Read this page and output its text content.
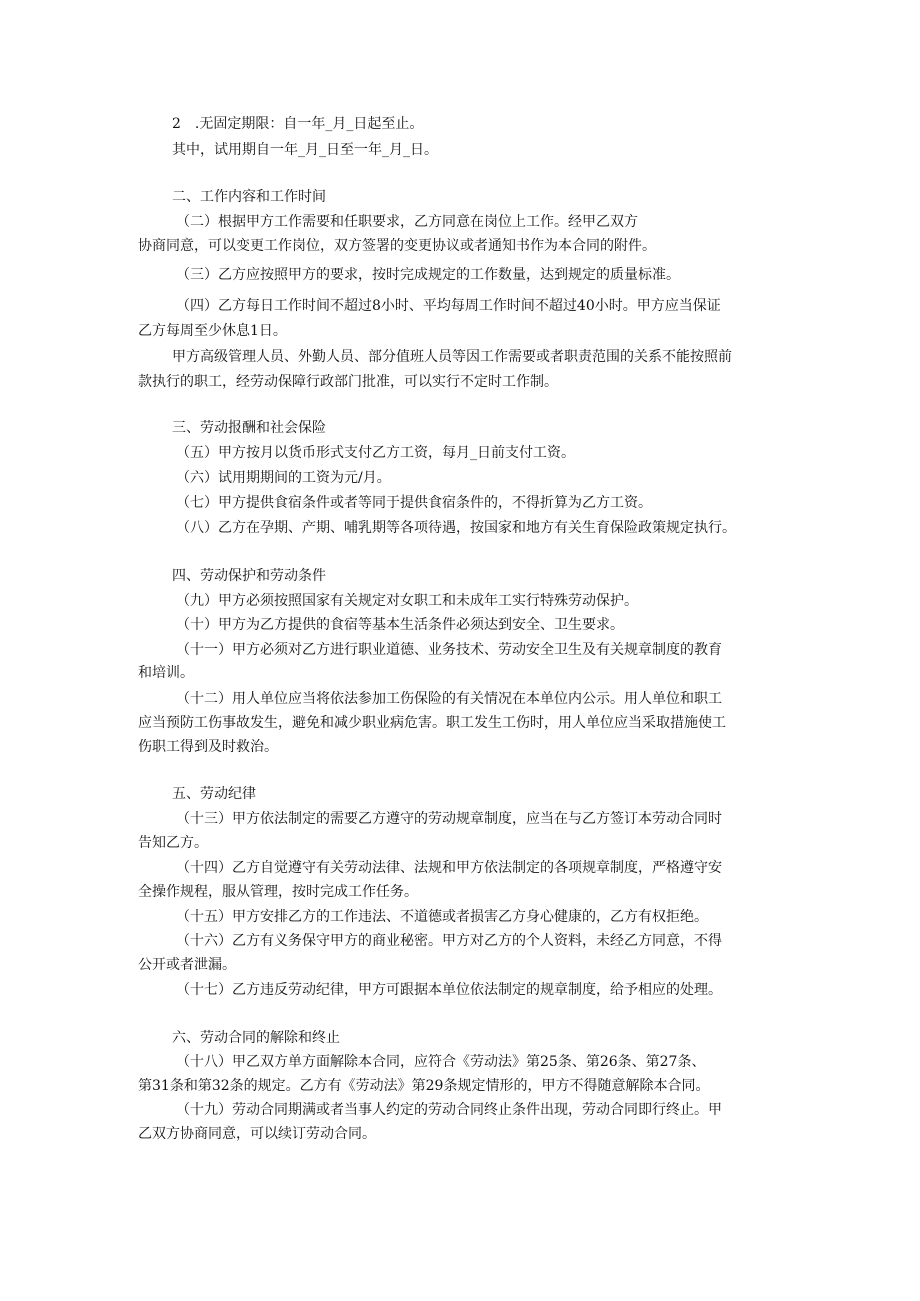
2　.无固定期限：自一年_月_日起至止。
其中，试用期自一年_月_日至一年_月_日。
二、工作内容和工作时间
（二）根据甲方工作需要和任职要求，乙方同意在岗位上工作。经甲乙双方
协商同意，可以变更工作岗位，双方签署的变更协议或者通知书作为本合同的附件。
（三）乙方应按照甲方的要求，按时完成规定的工作数量，达到规定的质量标准。
（四）乙方每日工作时间不超过8小时、平均每周工作时间不超过40小时。甲方应当保证
乙方每周至少休息1日。
甲方高级管理人员、外勤人员、部分值班人员等因工作需要或者职责范围的关系不能按照前
款执行的职工，经劳动保障行政部门批准，可以实行不定时工作制。
三、劳动报酬和社会保险
（五）甲方按月以货币形式支付乙方工资，每月_日前支付工资。
（六）试用期期间的工资为元/月。
（七）甲方提供食宿条件或者等同于提供食宿条件的，不得折算为乙方工资。
（八）乙方在孕期、产期、哺乳期等各项待遇，按国家和地方有关生育保险政策规定执行。
四、劳动保护和劳动条件
（九）甲方必须按照国家有关规定对女职工和未成年工实行特殊劳动保护。
（十）甲方为乙方提供的食宿等基本生活条件必须达到安全、卫生要求。
（十一）甲方必须对乙方进行职业道德、业务技术、劳动安全卫生及有关规章制度的教育
和培训。
（十二）用人单位应当将依法参加工伤保险的有关情况在本单位内公示。用人单位和职工
应当预防工伤事故发生，避免和减少职业病危害。职工发生工伤时，用人单位应当采取措施使工
伤职工得到及时救治。
五、劳动纪律
（十三）甲方依法制定的需要乙方遵守的劳动规章制度，应当在与乙方签订本劳动合同时
告知乙方。
（十四）乙方自觉遵守有关劳动法律、法规和甲方依法制定的各项规章制度，严格遵守安
全操作规程，服从管理，按时完成工作任务。
（十五）甲方安排乙方的工作违法、不道德或者损害乙方身心健康的，乙方有权拒绝。
（十六）乙方有义务保守甲方的商业秘密。甲方对乙方的个人资料，未经乙方同意，不得
公开或者泄漏。
（十七）乙方违反劳动纪律，甲方可跟据本单位依法制定的规章制度，给予相应的处理。
六、劳动合同的解除和终止
（十八）甲乙双方单方面解除本合同，应符合《劳动法》第25条、第26条、第27条、
第31条和第32条的规定。乙方有《劳动法》第29条规定情形的，甲方不得随意解除本合同。
（十九）劳动合同期满或者当事人约定的劳动合同终止条件出现，劳动合同即行终止。甲
乙双方协商同意，可以续订劳动合同。
